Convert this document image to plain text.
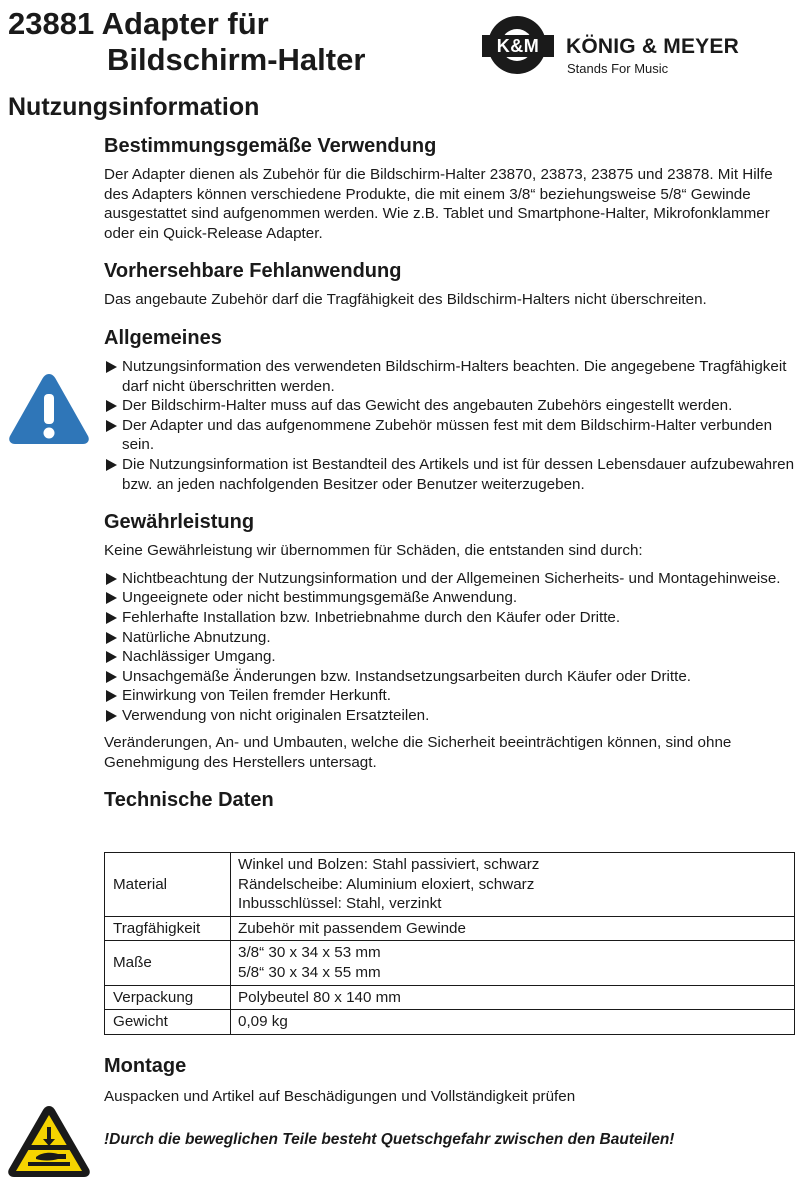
23881 Adapter für
Bildschirm-Halter	K&M	KÖNIG & MEYER
Stands For Music
Nutzungsinformation
Bestimmungsgemäße Verwendung

Der Adapter dienen als Zubehör für die Bildschirm-Halter 23870, 23873, 23875 und 23878. Mit Hilfe des Adapters können verschiedene Produkte, die mit einem 3/8“ beziehungsweise 5/8“ Gewinde ausgestattet sind aufgenommen werden. Wie z.B. Tablet und Smartphone-Halter, Mikrofonklammer oder ein Quick-Release Adapter.

Vorhersehbare Fehlanwendung

Das angebaute Zubehör darf die Tragfähigkeit des Bildschirm-Halters nicht überschreiten.

Allgemeines
Nutzungsinformation des verwendeten Bildschirm-Halters beachten. Die angegebene Tragfähigkeit darf nicht überschritten werden.
Der Bildschirm-Halter muss auf das Gewicht des angebauten Zubehörs eingestellt werden.
Der Adapter und das aufgenommene Zubehör müssen fest mit dem Bildschirm-Halter verbunden sein.
Die Nutzungsinformation ist Bestandteil des Artikels und ist für dessen Lebensdauer aufzubewahren bzw. an jeden nachfolgenden Besitzer oder Benutzer weiterzugeben.
Gewährleistung

Keine Gewährleistung wir übernommen für Schäden, die entstanden sind durch:

Nichtbeachtung der Nutzungsinformation und der Allgemeinen Sicherheits- und Montagehinweise.
Ungeeignete oder nicht bestimmungsgemäße Anwendung.
Fehlerhafte Installation bzw. Inbetriebnahme durch den Käufer oder Dritte.
Natürliche Abnutzung.
Nachlässiger Umgang.
Unsachgemäße Änderungen bzw. Instandsetzungsarbeiten durch Käufer oder Dritte.
Einwirkung von Teilen fremder Herkunft.
Verwendung von nicht originalen Ersatzteilen.

Veränderungen, An- und Umbauten, welche die Sicherheit beeinträchtigen können, sind ohne Genehmigung des Herstellers untersagt.

Technische Daten
Material	Winkel und Bolzen: Stahl passiviert, schwarz
Rändelscheibe: Aluminium eloxiert, schwarz
Inbusschlüssel: Stahl, verzinkt

Tragfähigkeit	Zubehör mit passendem Gewinde

Maße	3/8“ 30 x 34 x 53 mm
5/8“ 30 x 34 x 55 mm

Verpackung	Polybeutel 80 x 140 mm

Gewicht	0,09 kg
Montage

Auspacken und Artikel auf Beschädigungen und Vollständigkeit prüfen

!Durch die beweglichen Teile besteht Quetschgefahr zwischen den Bauteilen!
